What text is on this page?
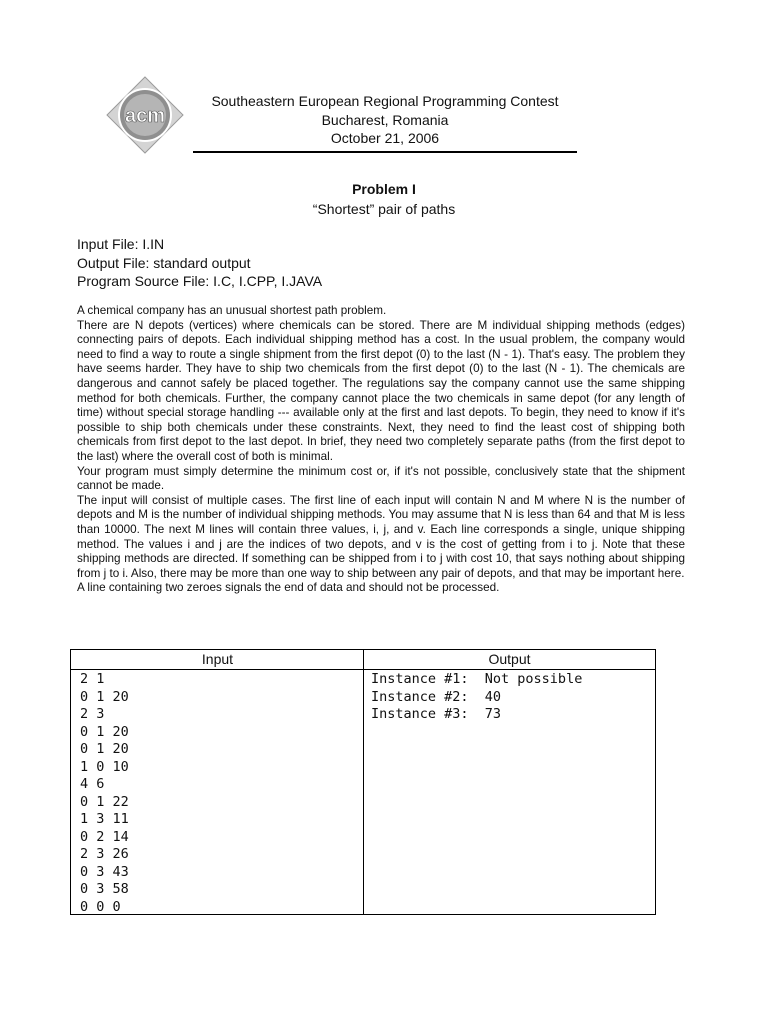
acm
Southeastern European Regional Programming Contest
Bucharest, Romania
October 21, 2006
Problem I
“Shortest” pair of paths
Input File: I.IN
Output File: standard output
Program Source File: I.C, I.CPP, I.JAVA

A chemical company has an unusual shortest path problem.

There are N depots (vertices) where chemicals can be stored. There are M individual shipping methods (edges) connecting pairs of depots. Each individual shipping method has a cost. In the usual problem, the company would need to find a way to route a single shipment from the first depot (0) to the last (N - 1). That's easy. The problem they have seems harder. They have to ship two chemicals from the first depot (0) to the last (N - 1). The chemicals are dangerous and cannot safely be placed together. The regulations say the company cannot use the same shipping method for both chemicals. Further, the company cannot place the two chemicals in same depot (for any length of time) without special storage handling --- available only at the first and last depots. To begin, they need to know if it's possible to ship both chemicals under these constraints. Next, they need to find the least cost of shipping both chemicals from first depot to the last depot. In brief, they need two completely separate paths (from the first depot to the last) where the overall cost of both is minimal.

Your program must simply determine the minimum cost or, if it's not possible, conclusively state that the shipment cannot be made.

The input will consist of multiple cases. The first line of each input will contain N and M where N is the number of depots and M is the number of individual shipping methods. You may assume that N is less than 64 and that M is less than 10000. The next M lines will contain three values, i, j, and v. Each line corresponds a single, unique shipping method. The values i and j are the indices of two depots, and v is the cost of getting from i to j. Note that these shipping methods are directed. If something can be shipped from i to j with cost 10, that says nothing about shipping from j to i. Also, there may be more than one way to ship between any pair of depots, and that may be important here.

A line containing two zeroes signals the end of data and should not be processed.

Input	Output
2 1
0 1 20
2 3
0 1 20
0 1 20
1 0 10
4 6
0 1 22
1 3 11
0 2 14
2 3 26
0 3 43
0 3 58
0 0 0
Instance #1:  Not possible
Instance #2:  40
Instance #3:  73
